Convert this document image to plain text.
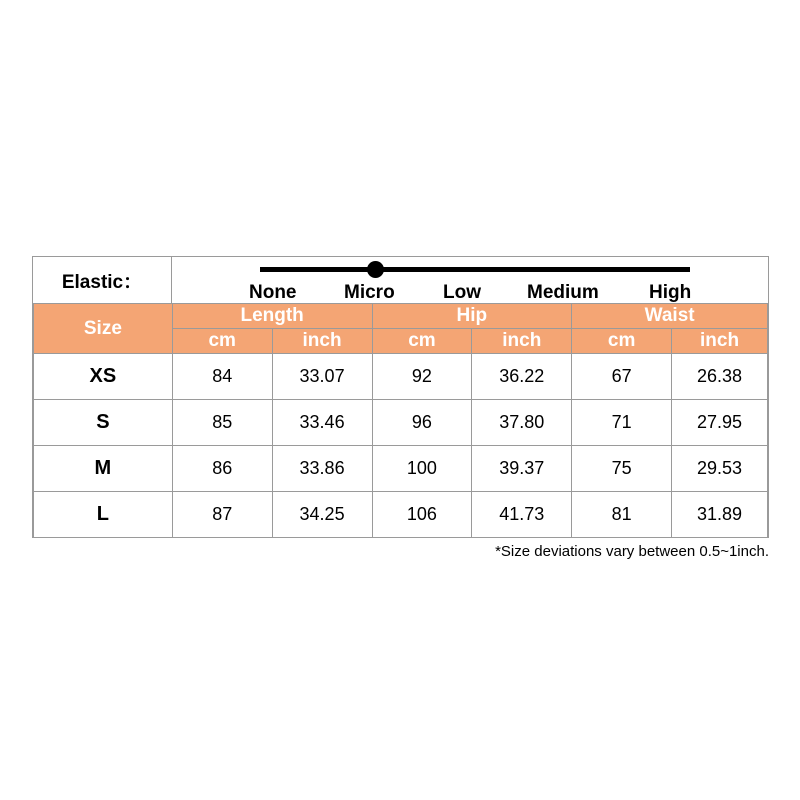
Elastic：	None	Micro	Low Medium	High
Size	Length		Hip		Waist	
	cm	inch	cm	inch	cm	inch
XS	84	33.07	92	36.22	67	26.38
S	85	33.46	96	37.80	71	27.95
M	86	33.86	100	39.37	75	29.53
L	87	34.25	106	41.73	81	31.89
*Size deviations vary between 0.5~1inch.
